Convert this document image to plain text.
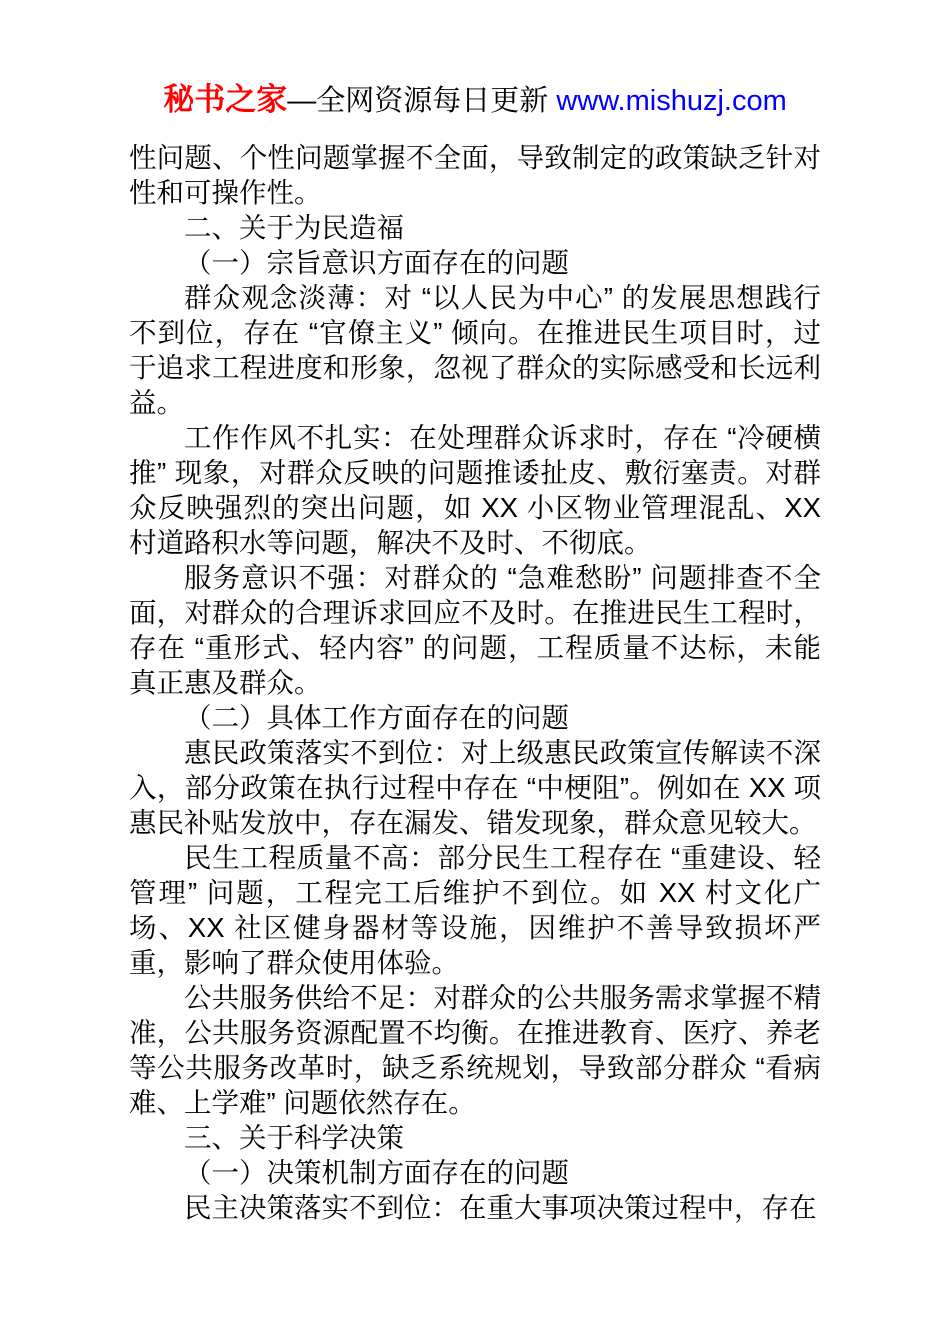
秘书之家—全网资源每日更新 www.mishuzj.com

性问题、个性问题掌握不全面，导致制定的政策缺乏针对性和可操作性。

二、关于为民造福

（一）宗旨意识方面存在的问题

群众观念淡薄：对 “以人民为中心” 的发展思想践行不到位，存在 “官僚主义” 倾向。在推进民生项目时，过于追求工程进度和形象，忽视了群众的实际感受和长远利益。

工作作风不扎实：在处理群众诉求时，存在 “冷硬横推” 现象，对群众反映的问题推诿扯皮、敷衍塞责。对群众反映强烈的突出问题，如 XX 小区物业管理混乱、XX 村道路积水等问题，解决不及时、不彻底。

服务意识不强：对群众的 “急难愁盼” 问题排查不全面，对群众的合理诉求回应不及时。在推进民生工程时，存在 “重形式、轻内容” 的问题，工程质量不达标，未能真正惠及群众。

（二）具体工作方面存在的问题

惠民政策落实不到位：对上级惠民政策宣传解读不深入，部分政策在执行过程中存在 “中梗阻”。例如在 XX 项惠民补贴发放中，存在漏发、错发现象，群众意见较大。

民生工程质量不高：部分民生工程存在 “重建设、轻管理” 问题，工程完工后维护不到位。如 XX 村文化广场、XX 社区健身器材等设施，因维护不善导致损坏严重，影响了群众使用体验。

公共服务供给不足：对群众的公共服务需求掌握不精准，公共服务资源配置不均衡。在推进教育、医疗、养老等公共服务改革时，缺乏系统规划，导致部分群众 “看病难、上学难” 问题依然存在。

三、关于科学决策

（一）决策机制方面存在的问题

民主决策落实不到位：在重大事项决策过程中，存在
